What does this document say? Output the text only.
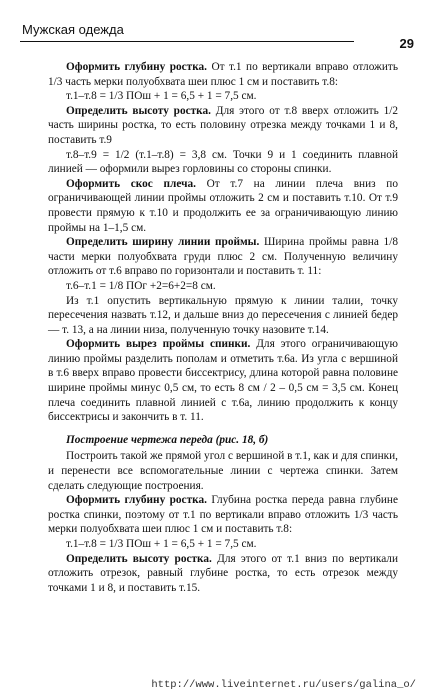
Мужская одежда
29

Оформить глубину ростка. От т.1 по вертикали вправо отложить 1/3 часть мерки полуобхвата шеи плюс 1 см и поставить т.8:

т.1–т.8 = 1/3 ПОш + 1 = 6,5 + 1 = 7,5 см.

Определить высоту ростка. Для этого от т.8 вверх отложить 1/2 часть ширины ростка, то есть половину отрезка между точками 1 и 8, поставить т.9

т.8–т.9 = 1/2 (т.1–т.8) = 3,8 см. Точки 9 и 1 соединить плавной линией — оформили вырез горловины со стороны спинки.

Оформить скос плеча. От т.7 на линии плеча вниз по ограничивающей линии проймы отложить 2 см и поставить т.10. От т.9 провести прямую к т.10 и продолжить ее за ограничивающую линию проймы на 1–1,5 см.

Определить ширину линии проймы. Ширина проймы равна 1/8 части мерки полуобхвата груди плюс 2 см. Полученную величину отложить от т.6 вправо по горизонтали и поставить т. 11:

т.6–т.1 = 1/8 ПОг +2=6+2=8 см.

Из т.1 опустить вертикальную прямую к линии талии, точку пересечения назвать т.12, и дальше вниз до пересечения с линией бедер — т. 13, а на линии низа, полученную точку назовите т.14.

Оформить вырез проймы спинки. Для этого ограничивающую линию проймы разделить пополам и отметить т.6а. Из угла с вершиной в т.6 вверх вправо провести биссектрису, длина которой равна половине ширине проймы минус 0,5 см, то есть 8 см / 2 – 0,5 см = 3,5 см. Конец плеча соединить плавной линией с т.6а, линию продолжить к концу биссектрисы и закончить в т. 11.

Построение чертежа переда (рис. 18, б)

Построить такой же прямой угол с вершиной в т.1, как и для спинки, и перенести все вспомогательные линии с чертежа спинки. Затем сделать следующие построения.

Оформить глубину ростка. Глубина ростка переда равна глубине ростка спинки, поэтому от т.1 по вертикали вправо отложить 1/3 часть мерки полуобхвата шеи плюс 1 см и поставить т.8:

т.1–т.8 = 1/3 ПОш + 1 = 6,5 + 1 = 7,5 см.

Определить высоту ростка. Для этого от т.1 вниз по вертикали отложить отрезок, равный глубине ростка, то есть отрезок между точками 1 и 8, и поставить т.15.

http://www.liveinternet.ru/users/galina_o/
